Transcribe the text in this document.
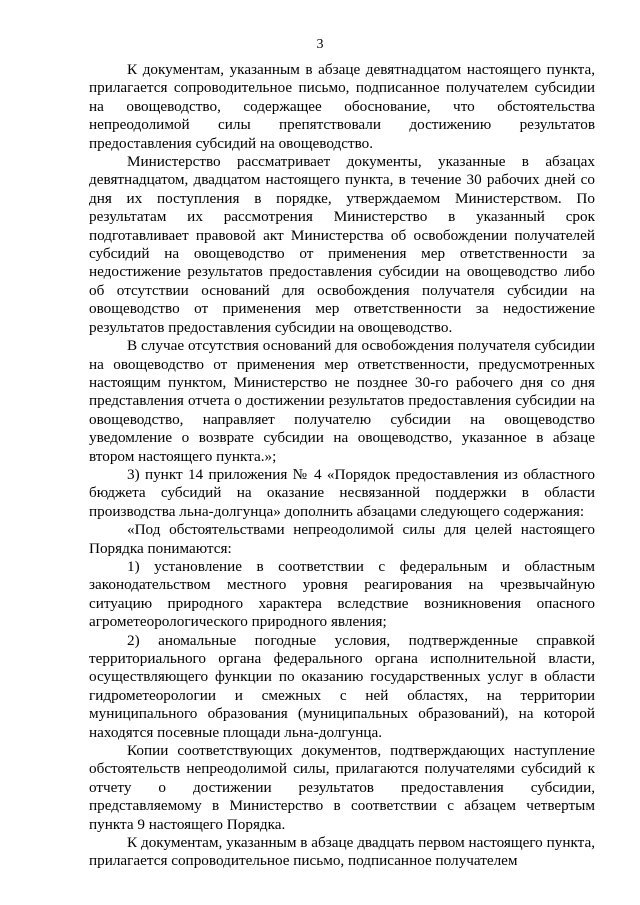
3

К документам, указанным в абзаце девятнадцатом настоящего пункта, прилагается сопроводительное письмо, подписанное получателем субсидии на овощеводство, содержащее обоснование, что обстоятельства непреодолимой силы препятствовали достижению результатов предоставления субсидий на овощеводство.

Министерство рассматривает документы, указанные в абзацах девятнадцатом, двадцатом настоящего пункта, в течение 30 рабочих дней со дня их поступления в порядке, утверждаемом Министерством. По результатам их рассмотрения Министерство в указанный срок подготавливает правовой акт Министерства об освобождении получателей субсидий на овощеводство от применения мер ответственности за недостижение результатов предоставления субсидии на овощеводство либо об отсутствии оснований для освобождения получателя субсидии на овощеводство от применения мер ответственности за недостижение результатов предоставления субсидии на овощеводство.

В случае отсутствия оснований для освобождения получателя субсидии на овощеводство от применения мер ответственности, предусмотренных настоящим пунктом, Министерство не позднее 30-го рабочего дня со дня представления отчета о достижении результатов предоставления субсидии на овощеводство, направляет получателю субсидии на овощеводство уведомление о возврате субсидии на овощеводство, указанное в абзаце втором настоящего пункта.»;

3) пункт 14 приложения № 4 «Порядок предоставления из областного бюджета субсидий на оказание несвязанной поддержки в области производства льна-долгунца» дополнить абзацами следующего содержания:

«Под обстоятельствами непреодолимой силы для целей настоящего Порядка понимаются:

1) установление в соответствии с федеральным и областным законодательством местного уровня реагирования на чрезвычайную ситуацию природного характера вследствие возникновения опасного агрометеорологического природного явления;

2) аномальные погодные условия, подтвержденные справкой территориального органа федерального органа исполнительной власти, осуществляющего функции по оказанию государственных услуг в области гидрометеорологии и смежных с ней областях, на территории муниципального образования (муниципальных образований), на которой находятся посевные площади льна-долгунца.

Копии соответствующих документов, подтверждающих наступление обстоятельств непреодолимой силы, прилагаются получателями субсидий к отчету о достижении результатов предоставления субсидии, представляемому в Министерство в соответствии с абзацем четвертым пункта 9 настоящего Порядка.

К документам, указанным в абзаце двадцать первом настоящего пункта, прилагается сопроводительное письмо, подписанное получателем
